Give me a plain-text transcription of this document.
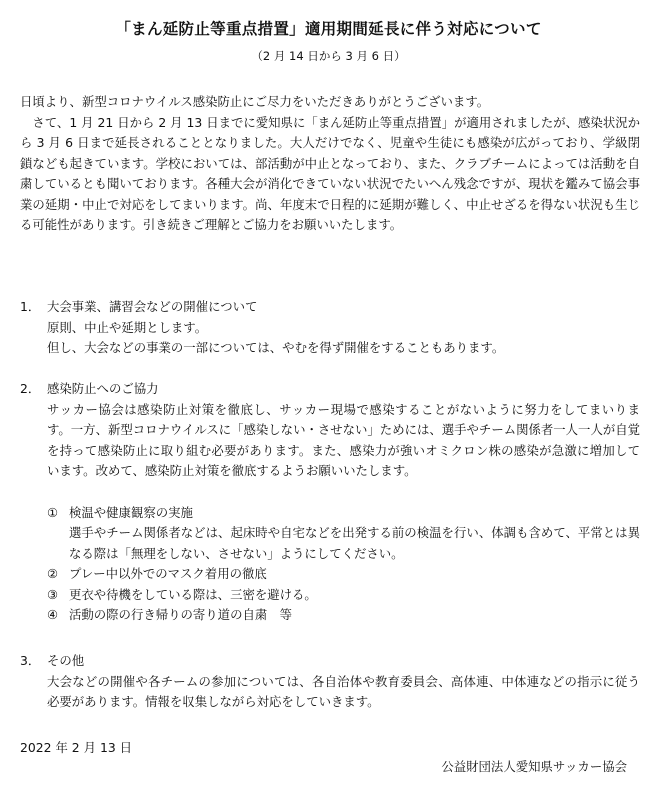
「まん延防止等重点措置」適用期間延長に伴う対応について
（2 月 14 日から 3 月 6 日）

日頃より、新型コロナウイルス感染防止にご尽力をいただきありがとうございます。

さて、1 月 21 日から 2 月 13 日までに愛知県に「まん延防止等重点措置」が適用されましたが、感染状況から 3 月 6 日まで延長されることとなりました。大人だけでなく、児童や生徒にも感染が広がっており、学級閉鎖なども起きています。学校においては、部活動が中止となっており、また、クラブチームによっては活動を自粛しているとも聞いております。各種大会が消化できていない状況でたいへん残念ですが、現状を鑑みて協会事業の延期・中止で対応をしてまいります。尚、年度末で日程的に延期が難しく、中止せざるを得ない状況も生じる可能性があります。引き続きご理解とご協力をお願いいたします。

1． 大会事業、講習会などの開催について

原則、中止や延期とします。

但し、大会などの事業の一部については、やむを得ず開催をすることもあります。

2． 感染防止へのご協力

サッカー協会は感染防止対策を徹底し、サッカー現場で感染することがないように努力をしてまいります。一方、新型コロナウイルスに「感染しない・させない」ためには、選手やチーム関係者一人一人が自覚を持って感染防止に取り組む必要があります。また、感染力が強いオミクロン株の感染が急激に増加しています。改めて、感染防止対策を徹底するようお願いいたします。

① 検温や健康観察の実施
選手やチーム関係者などは、起床時や自宅などを出発する前の検温を行い、体調も含めて、平常とは異なる際は「無理をしない、させない」ようにしてください。
② プレー中以外でのマスク着用の徹底
③ 更衣や待機をしている際は、三密を避ける。
④ 活動の際の行き帰りの寄り道の自粛　等
3． その他

大会などの開催や各チームの参加については、各自治体や教育委員会、高体連、中体連などの指示に従う必要があります。情報を収集しながら対応をしていきます。

2022 年 2 月 13 日
公益財団法人愛知県サッカー協会
